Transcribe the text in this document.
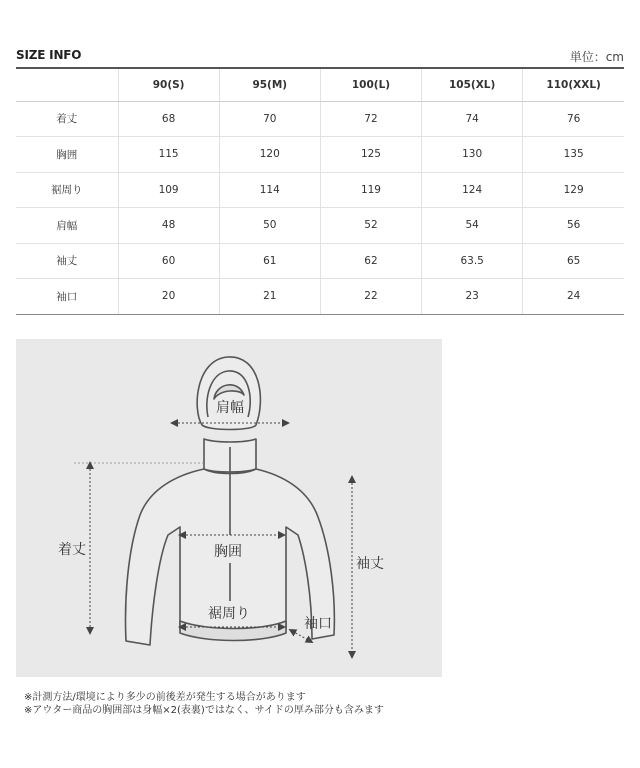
SIZE INFO	単位：cm
	90(S)	95(M)	100(L)	105(XL)	110(XXL)
着丈	68	70	72	74	76
胸囲	115	120	125	130	135
裾周り	109	114	119	124	129
肩幅	48	50	52	54	56
袖丈	60	61	62	63.5	65
袖口	20	21	22	23	24
肩幅
着丈	胸囲
裾周り
袖丈
袖口
※計測方法/環境により多少の前後差が発生する場合があります
※アウター商品の胸囲部は身幅×2(表裏)ではなく、サイドの厚み部分も含みます
